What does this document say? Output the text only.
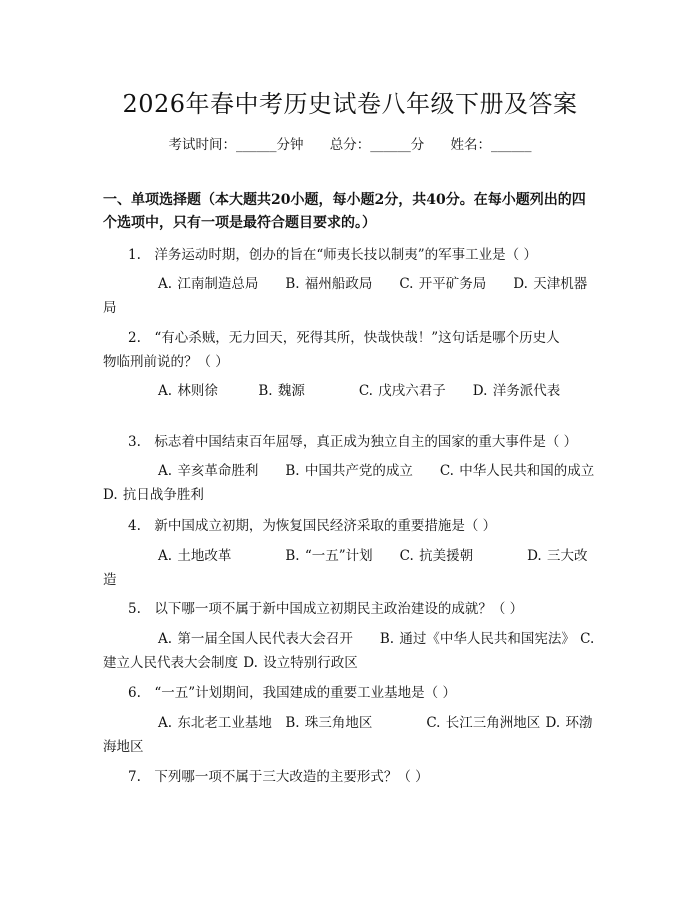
2026年春中考历史试卷八年级下册及答案
考试时间：______分钟 总分：______分 姓名：______
一、单项选择题（本大题共20小题，每小题2分，共40分。在每小题列出的四个选项中，只有一项是最符合题目要求的。）
1.　洋务运动时期，创办的旨在“师夷长技以制夷”的军事工业是（ ）
A. 江南制造总局　　B. 福州船政局　　C. 开平矿务局　　D. 天津机器局
2.　“有心杀贼，无力回天，死得其所，快哉快哉！”这句话是哪个历史人物临刑前说的？（ ）
A. 林则徐　　　B. 魏源　　　　C. 戊戌六君子　　D. 洋务派代表
3.　标志着中国结束百年屈辱，真正成为独立自主的国家的重大事件是（ ）
A. 辛亥革命胜利　　B. 中国共产党的成立　　C. 中华人民共和国的成立 D. 抗日战争胜利
4.　新中国成立初期，为恢复国民经济采取的重要措施是（ ）
A. 土地改革　　　　B. “一五”计划　　C. 抗美援朝　　　　D. 三大改造
5.　以下哪一项不属于新中国成立初期民主政治建设的成就？（ ）
A. 第一届全国人民代表大会召开　　B. 通过《中华人民共和国宪法》 C. 建立人民代表大会制度 D. 设立特别行政区
6.　“一五”计划期间，我国建成的重要工业基地是（ ）
A. 东北老工业基地　B. 珠三角地区　　　　C. 长江三角洲地区 D. 环渤海地区
7.　下列哪一项不属于三大改造的主要形式？（ ）
